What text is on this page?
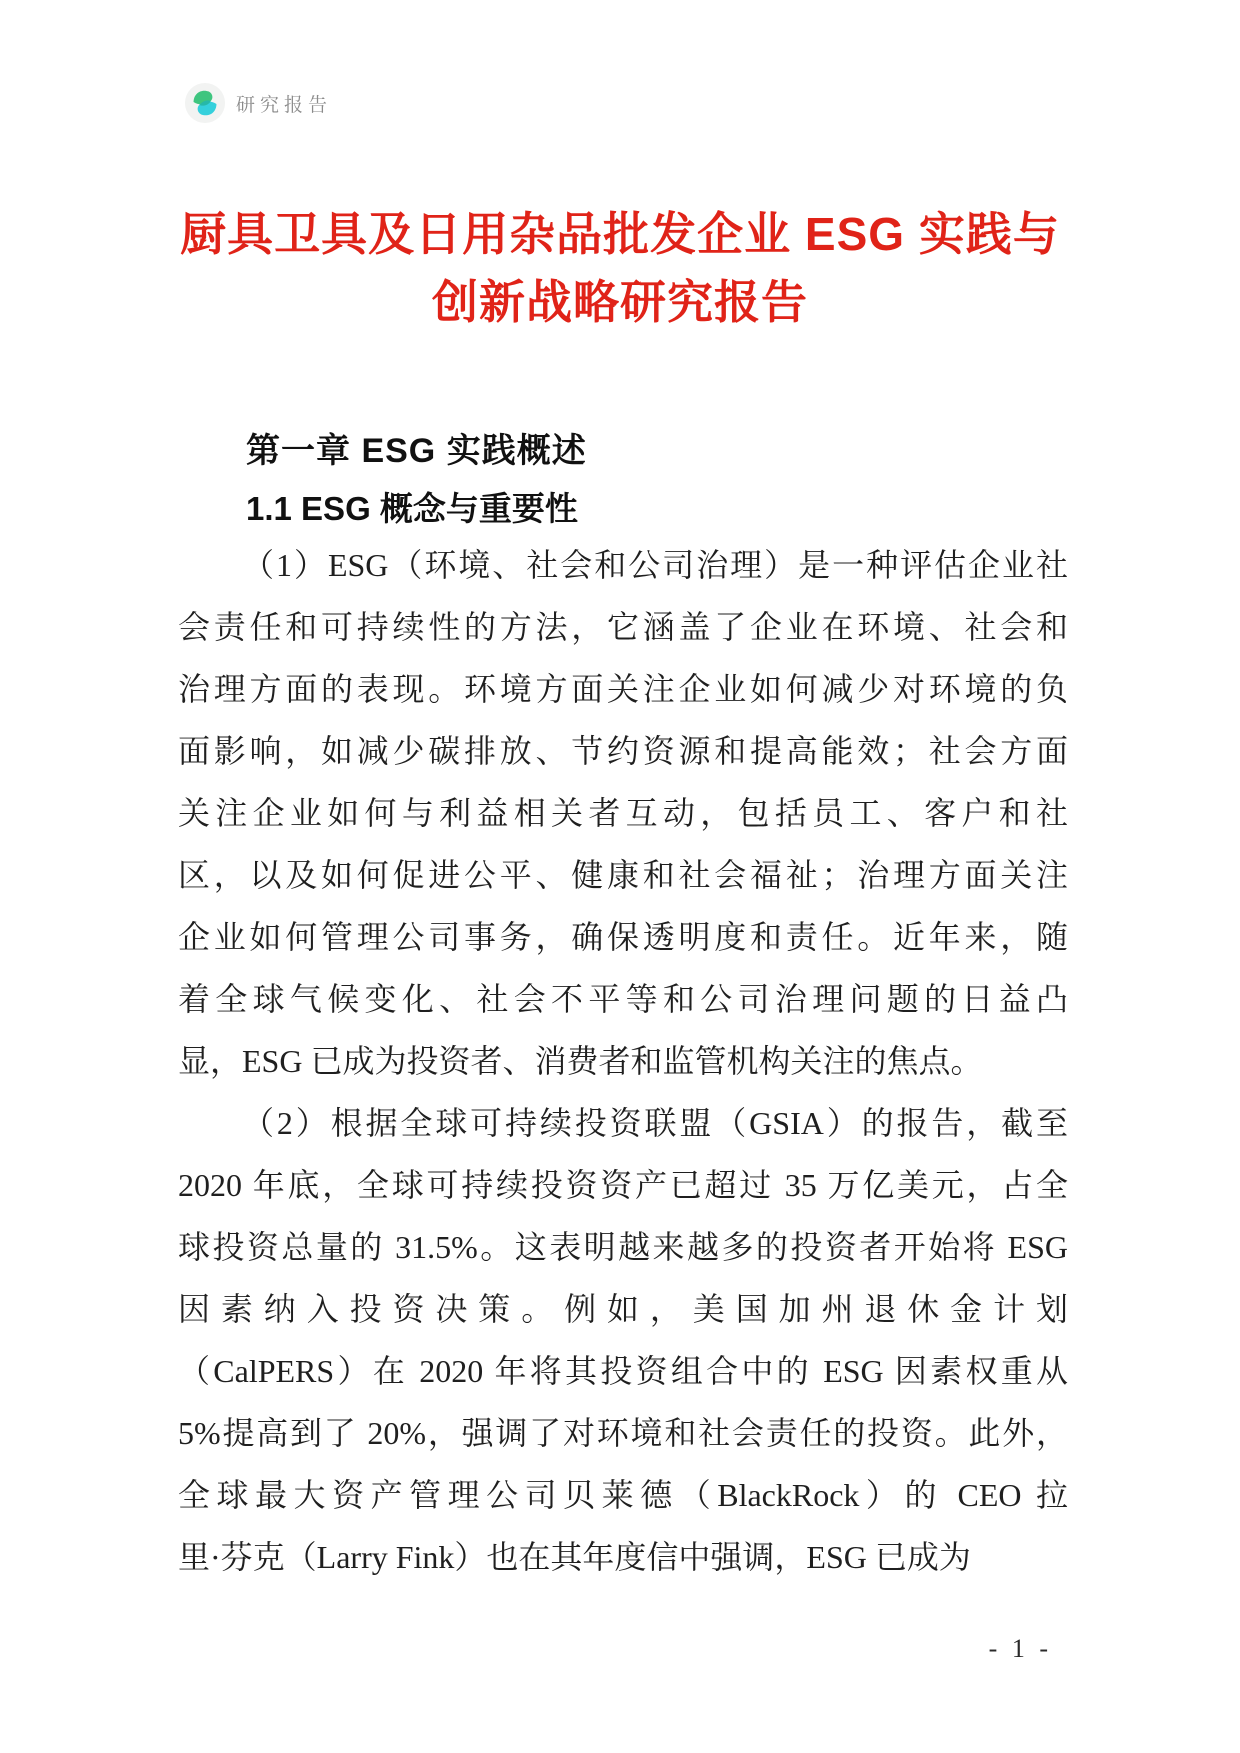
研究报告
厨具卫具及日用杂品批发企业 ESG 实践与
创新战略研究报告
第一章 ESG 实践概述
1.1 ESG 概念与重要性

（1）ESG（环境、社会和公司治理）是一种评估企业社
会责任和可持续性的方法，它涵盖了企业在环境、社会和
治理方面的表现。环境方面关注企业如何减少对环境的负
面影响，如减少碳排放、节约资源和提高能效；社会方面
关注企业如何与利益相关者互动，包括员工、客户和社
区，以及如何促进公平、健康和社会福祉；治理方面关注
企业如何管理公司事务，确保透明度和责任。近年来，随
着全球气候变化、社会不平等和公司治理问题的日益凸
显，ESG 已成为投资者、消费者和监管机构关注的焦点。

（2）根据全球可持续投资联盟（GSIA）的报告，截至
2020 年底，全球可持续投资资产已超过 35 万亿美元，占全
球投资总量的 31.5%。这表明越来越多的投资者开始将 ESG
因素纳入投资决策。例如，美国加州退休金计划
（CalPERS）在 2020 年将其投资组合中的 ESG 因素权重从
5%提高到了 20%，强调了对环境和社会责任的投资。此外，
全球最大资产管理公司贝莱德（BlackRock）的 CEO 拉
里·芬克（Larry Fink）也在其年度信中强调，ESG 已成为

- 1 -
